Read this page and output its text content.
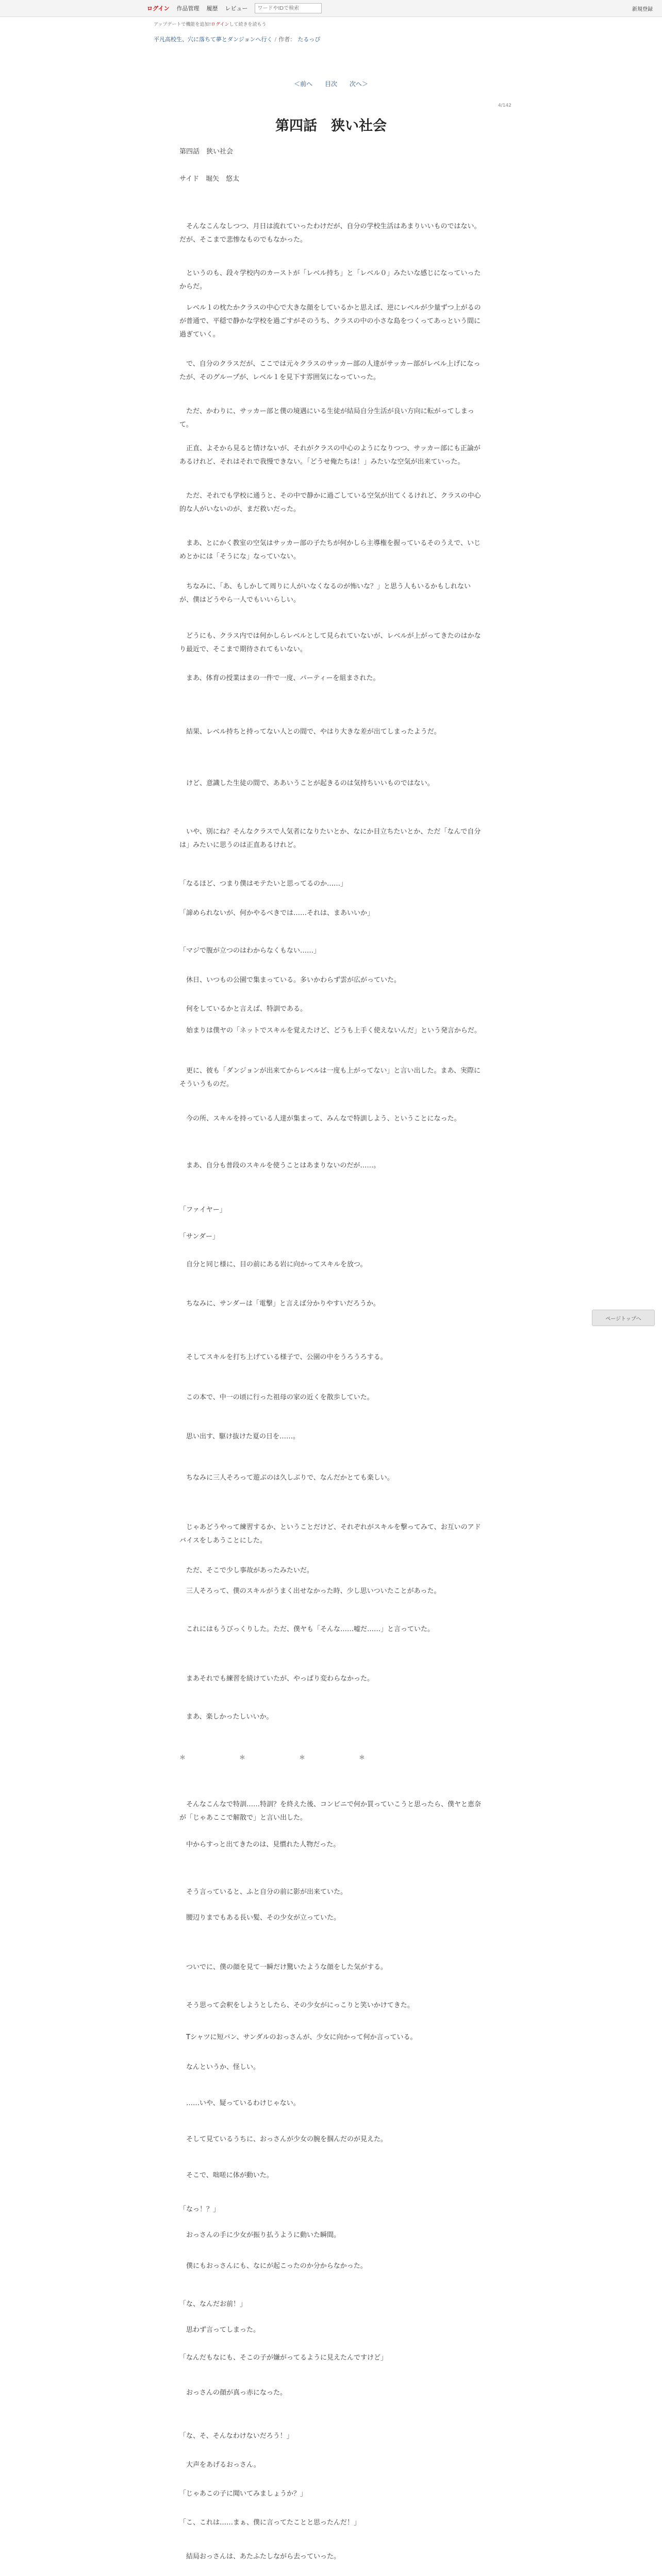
ログイン 作品管理 履歴 レビュー
ワードやIDで検索	新規登録
アップデートで機能を追加!ログインして続きを読もう
平凡高校生、穴に落ちて夢とダンジョンへ行く / 作者： たるっぴ
＜前へ 目次 次へ＞
4/142
第四話　狭い社会
第四話　狭い社会
サイド　堀矢　悠太

　そんなこんなしつつ、月日は流れていったわけだが、自分の学校生活はあまりいいものではない。だが、そこまで悲惨なものでもなかった。

　というのも、段々学校内のカーストが「レベル持ち」と「レベル０」みたいな感じになっていったからだ。

　レベル１の枕たかクラスの中心で大きな顔をしているかと思えば、逆にレベルが少量ずつ上がるのが普通で、平穏で静かな学校を過ごすがそのうち、クラスの中の小さな島をつくってあっという間に過ぎていく。

　で、自分のクラスだが、ここでは元々クラスのサッカー部の人達がサッカー部がレベル上げになったが、そのグループが、レベル１を見下す雰囲気になっていった。

　ただ、かわりに、サッカー部と僕の境遇にいる生徒が結局自分生活が良い方向に転がってしまって。

　正直、よそから見ると情けないが、それがクラスの中心のようになりつつ、サッカー部にも正論があるけれど、それはそれで我慢できない。「どうせ俺たちは！」みたいな空気が出来ていった。

　ただ、それでも学校に通うと、その中で静かに過ごしている空気が出てくるけれど、クラスの中心的な人がいないのが、まだ救いだった。

　まあ、とにかく教室の空気はサッカー部の子たちが何かしら主導権を握っているそのうえで、いじめとかには「そうにな」なっていない。

　ちなみに、「あ、もしかして周りに人がいなくなるのが怖いな？」と思う人もいるかもしれないが、僕はどうやら一人でもいいらしい。

　どうにも、クラス内では何かしらレベルとして見られていないが、レベルが上がってきたのはかなり最近で、そこまで期待されてもいない。

　まあ、体育の授業はまの一件で一度、パーティーを組まされた。

　結果、レベル持ちと持ってない人との間で、やはり大きな差が出てしまったようだ。

　けど、意識した生徒の間で、ああいうことが起きるのは気持ちいいものではない。

　いや、別にね？そんなクラスで人気者になりたいとか、なにか目立ちたいとか、ただ「なんで自分は」みたいに思うのは正直あるけれど。

「なるほど、つまり僕はモテたいと思ってるのか……」

「諦められないが、何かやるべきでは……それは、まあいいか」

「マジで腹が立つのはわからなくもない……」

　休日、いつもの公園で集まっている。多いかわらず雲が広がっていた。

　何をしているかと言えば、特訓である。

　始まりは僕ヤの「ネットでスキルを覚えたけど、どうも上手く使えないんだ」という発言からだ。

　更に、彼も「ダンジョンが出来てからレベルは一度も上がってない」と言い出した。まあ、実際にそういうものだ。

　今の所、スキルを持っている人達が集まって、みんなで特訓しよう、ということになった。

　まあ、自分も普段のスキルを使うことはあまりないのだが……。

「ファイヤー」

「サンダー」

　自分と同じ様に、目の前にある岩に向かってスキルを放つ。

　ちなみに、サンダーは「電撃」と言えば分かりやすいだろうか。

　そしてスキルを打ち上げている様子で、公園の中をうろうろする。

　この本で、中一の頃に行った祖母の家の近くを散歩していた。

　思い出す、駆け抜けた夏の日を……。

　ちなみに三人そろって遊ぶのは久しぶりで、なんだかとても楽しい。

　じゃあどうやって練習するか、ということだけど、それぞれがスキルを撃ってみて、お互いのアドバイスをしあうことにした。

　ただ、そこで少し事故があったみたいだ。

　三人そろって、僕のスキルがうまく出せなかった時、少し思いついたことがあった。

　これにはもうびっくりした。ただ、僕ヤも「そんな……嘘だ……」と言っていた。

　まあそれでも練習を続けていたが、やっぱり変わらなかった。

　まあ、楽しかったしいいか。

＊	＊	＊	＊

　そんなこんなで特訓……特訓？を終えた後、コンビニで何か買っていこうと思ったら、僕ヤと恵奈が「じゃあここで解散で」と言い出した。

　中からすっと出てきたのは、見慣れた人物だった。

　そう言っていると、ふと自分の前に影が出来ていた。

　腰辺りまでもある長い髪、その少女が立っていた。

　ついでに、僕の顔を見て一瞬だけ驚いたような顔をした気がする。

　そう思って会釈をしようとしたら、その少女がにっこりと笑いかけてきた。

　Tシャツに短パン、サンダルのおっさんが、少女に向かって何か言っている。

　なんというか、怪しい。

　……いや、疑っているわけじゃない。

　そして見ているうちに、おっさんが少女の腕を掴んだのが見えた。

　そこで、咄嗟に体が動いた。

「なっ！？」

　おっさんの手に少女が振り払うように動いた瞬間。

　僕にもおっさんにも、なにが起こったのか分からなかった。

「な、なんだお前！」

　思わず言ってしまった。

「なんだもなにも、そこの子が嫌がってるように見えたんですけど」

　おっさんの顔が真っ赤になった。

「な、そ、そんなわけないだろう！」

　大声をあげるおっさん。

「じゃあこの子に聞いてみましょうか？」

「こ、これは……まぁ、僕に言ってたことと思ったんだ！」

　結局おっさんは、あたふたしながら去っていった。

ページトップへ
